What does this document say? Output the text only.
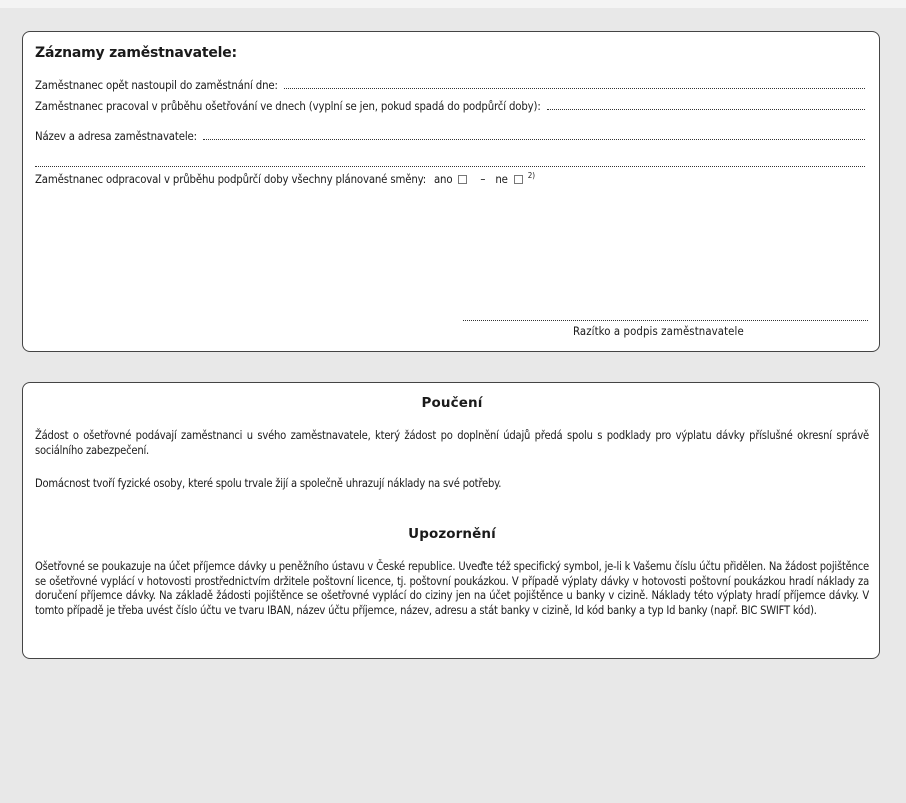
Záznamy zaměstnavatele:
Zaměstnanec opět nastoupil do zaměstnání dne:
Zaměstnanec pracoval v průběhu ošetřování ve dnech (vyplní se jen, pokud spadá do podpůrčí doby):
Název a adresa zaměstnavatele:
Zaměstnanec odpracoval v průběhu podpůrčí doby všechny plánované směny: ano – ne	2)
Razítko a podpis zaměstnavatele
Poučení

Žádost o ošetřovné podávají zaměstnanci u svého zaměstnavatele, který žádost po doplnění údajů předá spolu s podklady pro výplatu dávky příslušné okresní správě sociálního zabezpečení.

Domácnost tvoří fyzické osoby, které spolu trvale žijí a společně uhrazují náklady na své potřeby.

Upozornění

Ošetřovné se poukazuje na účet příjemce dávky u peněžního ústavu v České republice. Uveďte též specifický symbol, je-li k Vašemu číslu účtu přidělen. Na žádost pojištěnce se ošetřovné vyplácí v hotovosti prostřednictvím držitele poštovní licence, tj. poštovní poukázkou. V případě výplaty dávky v hotovosti poštovní poukázkou hradí náklady za doručení příjemce dávky. Na základě žádosti pojištěnce se ošetřovné vyplácí do ciziny jen na účet pojištěnce u banky v cizině. Náklady této výplaty hradí příjemce dávky. V tomto případě je třeba uvést číslo účtu ve tvaru IBAN, název účtu příjemce, název, adresu a stát banky v cizině, Id kód banky a typ Id banky (např. BIC SWIFT kód).
